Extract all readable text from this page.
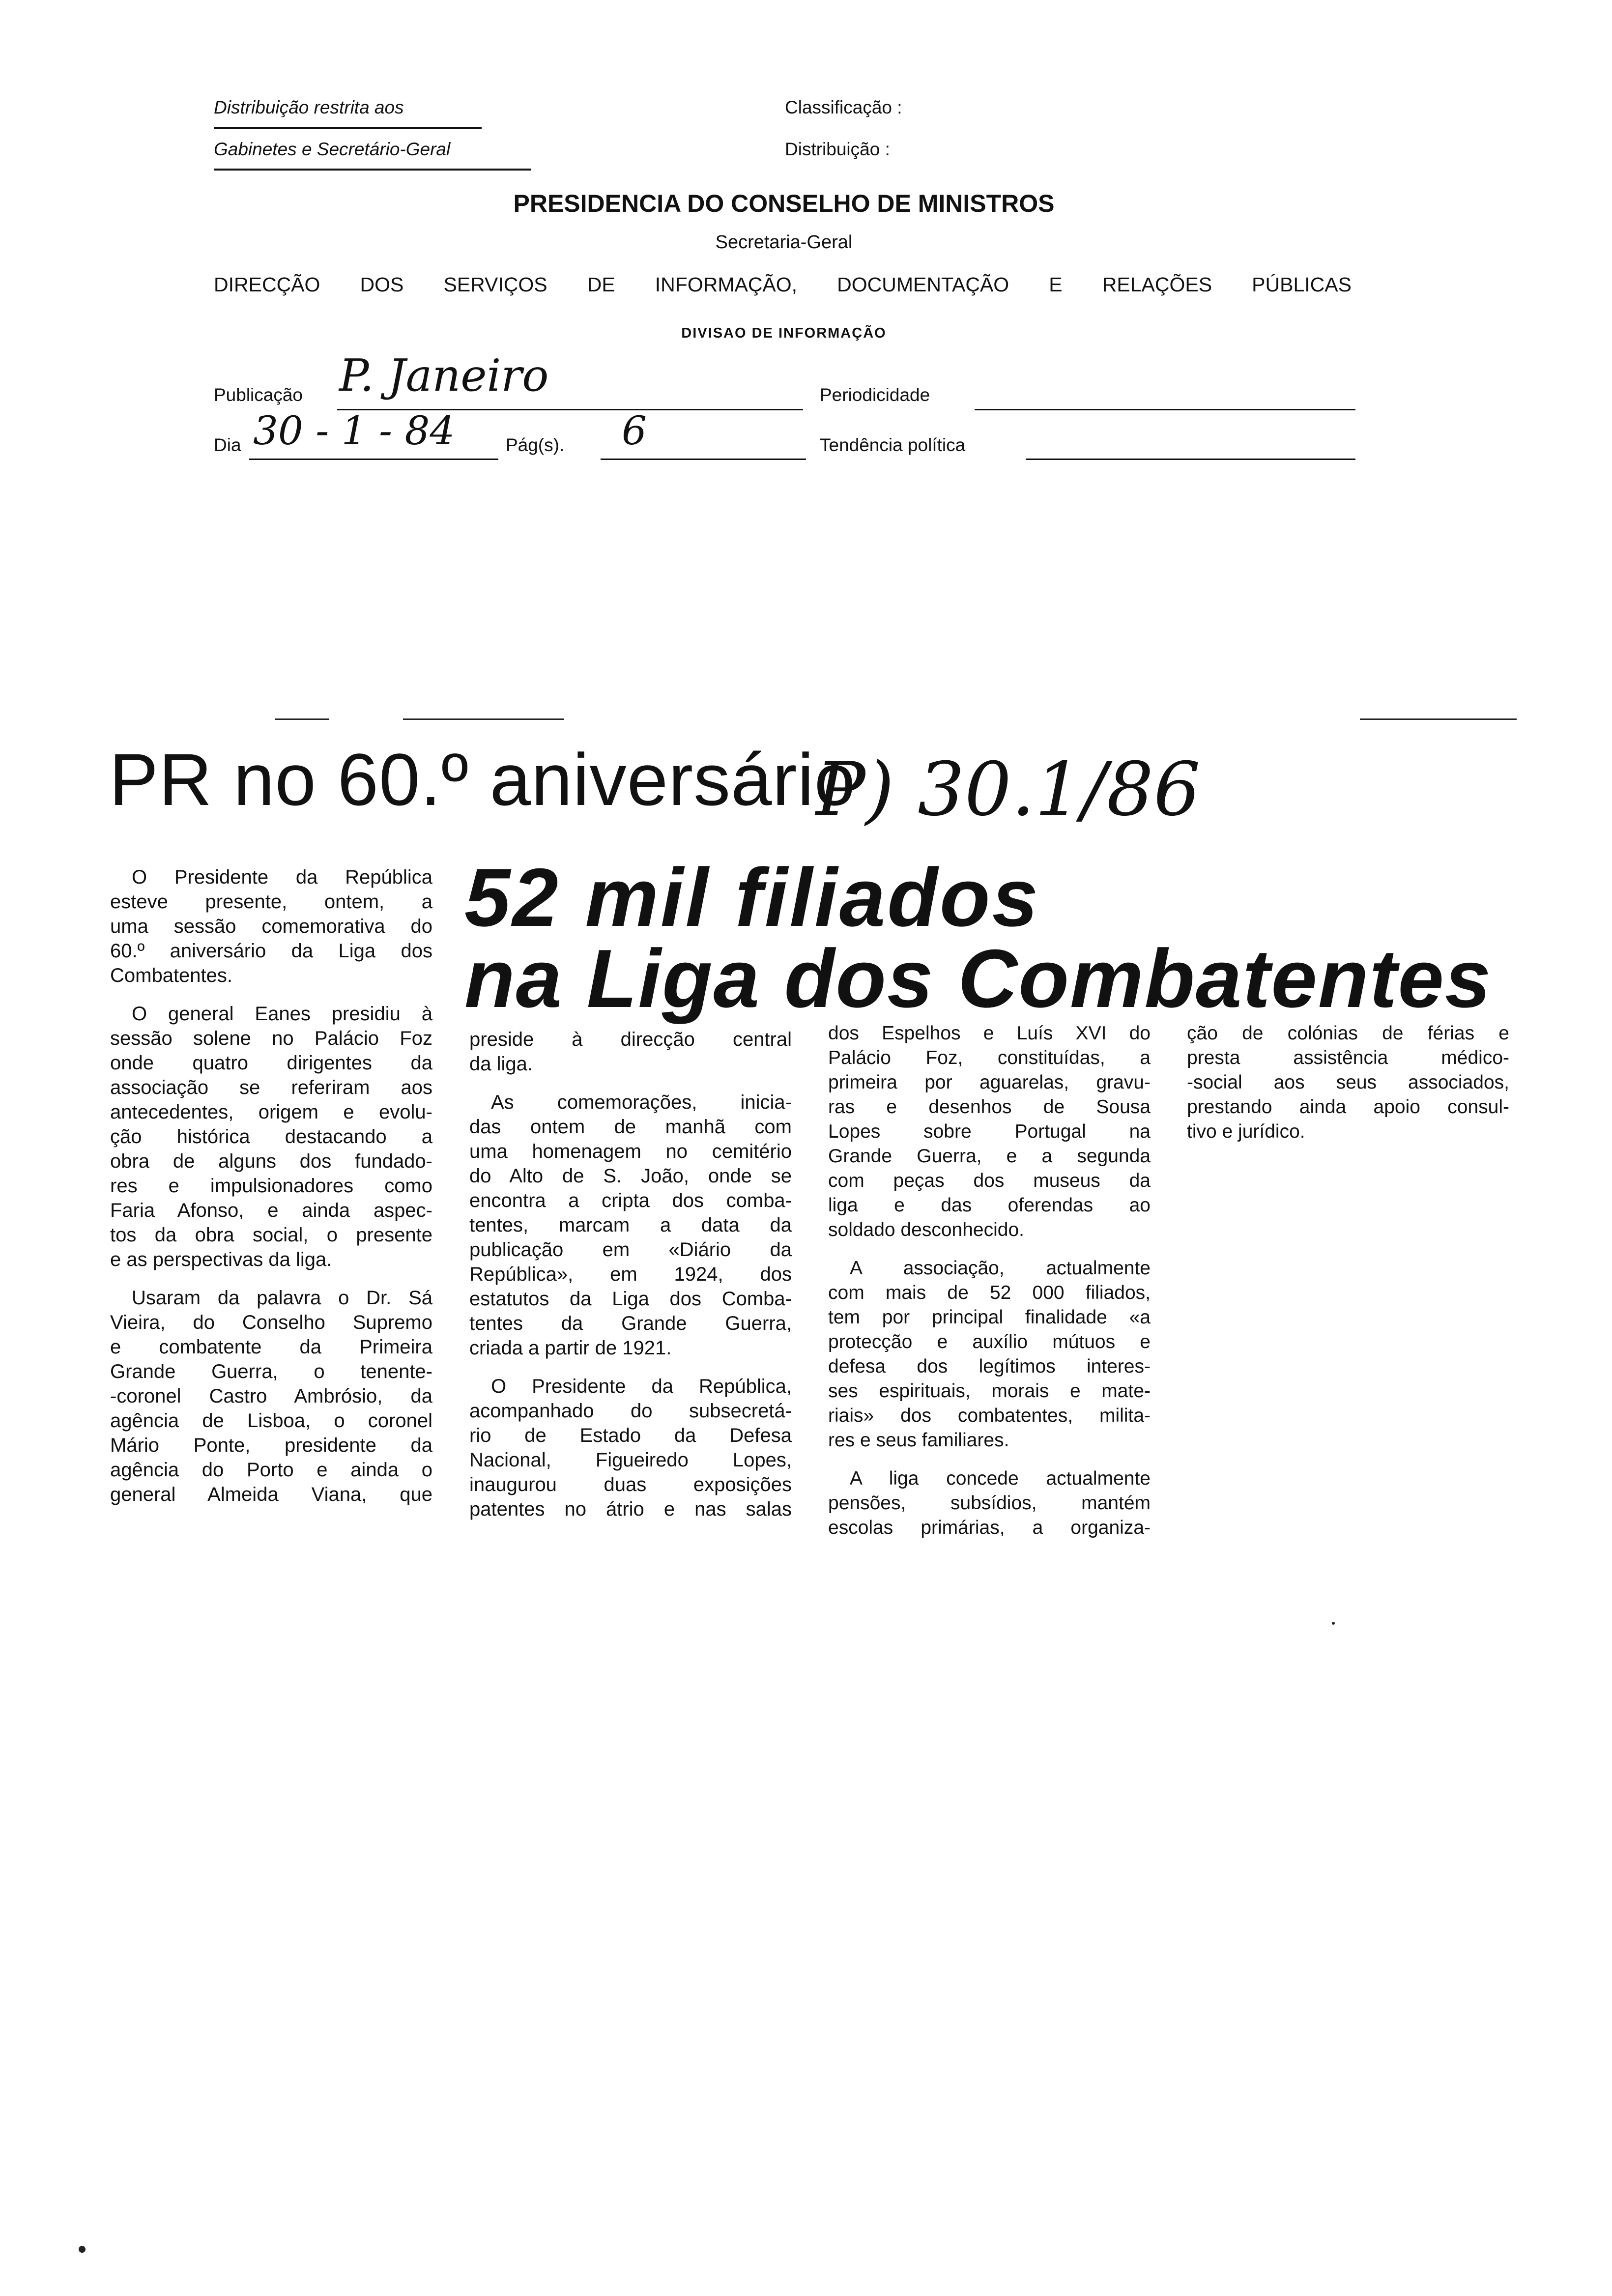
Distribuição restrita aos
Gabinetes e Secretário-Geral
Classificação :
Distribuição :
PRESIDENCIA DO CONSELHO DE MINISTROS
Secretaria-Geral
DIRECÇÃO DOS SERVIÇOS DE INFORMAÇÃO, DOCUMENTAÇÃO E RELAÇÕES PÚBLICAS
DIVISAO DE INFORMAÇÃO
Publicação P. Janeiro	Periodicidade
Dia 30 - 1 - 84	Pág(s). 6	Tendência política
PR no 60.º aniversário
P) 30.1/86
52 mil filiados
na Liga dos Combatentes
O Presidente da República
esteve presente, ontem, a
uma sessão comemorativa do
60.º aniversário da Liga dos
Combatentes.
O general Eanes presidiu à
sessão solene no Palácio Foz
onde quatro dirigentes da
associação se referiram aos
antecedentes, origem e evolu-
ção histórica destacando a
obra de alguns dos fundado-
res e impulsionadores como
Faria Afonso, e ainda aspec-
tos da obra social, o presente
e as perspectivas da liga.
Usaram da palavra o Dr. Sá
Vieira, do Conselho Supremo
e combatente da Primeira
Grande Guerra, o tenente-
-coronel Castro Ambrósio, da
agência de Lisboa, o coronel
Mário Ponte, presidente da
agência do Porto e ainda o
general Almeida Viana, que
preside à direcção central
da liga.
As comemorações, inicia-
das ontem de manhã com
uma homenagem no cemitério
do Alto de S. João, onde se
encontra a cripta dos comba-
tentes, marcam a data da
publicação em «Diário da
República», em 1924, dos
estatutos da Liga dos Comba-
tentes da Grande Guerra,
criada a partir de 1921.
O Presidente da República,
acompanhado do subsecretá-
rio de Estado da Defesa
Nacional, Figueiredo Lopes,
inaugurou duas exposições
patentes no átrio e nas salas
dos Espelhos e Luís XVI do
Palácio Foz, constituídas, a
primeira por aguarelas, gravu-
ras e desenhos de Sousa
Lopes sobre Portugal na
Grande Guerra, e a segunda
com peças dos museus da
liga e das oferendas ao
soldado desconhecido.
A associação, actualmente
com mais de 52 000 filiados,
tem por principal finalidade «a
protecção e auxílio mútuos e
defesa dos legítimos interes-
ses espirituais, morais e mate-
riais» dos combatentes, milita-
res e seus familiares.
A liga concede actualmente
pensões, subsídios, mantém
escolas primárias, a organiza-
ção de colónias de férias e
presta assistência médico-
-social aos seus associados,
prestando ainda apoio consul-
tivo e jurídico.
